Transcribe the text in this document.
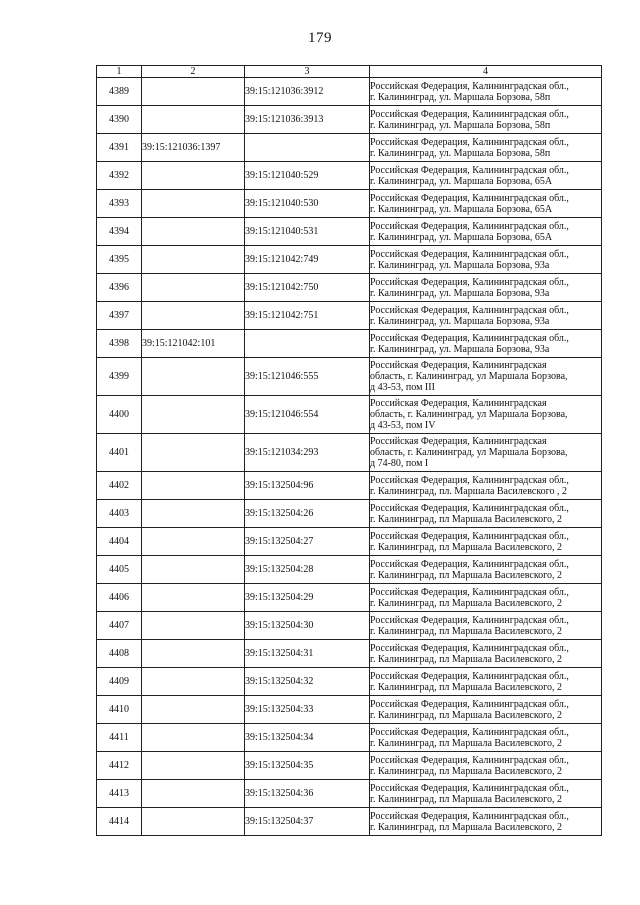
179
1	2	3	4
4389		39:15:121036:3912	Российская Федерация, Калининградская обл.,
г. Калининград, ул. Маршала Борзова, 58п

4390		39:15:121036:3913	Российская Федерация, Калининградская обл.,
г. Калининград, ул. Маршала Борзова, 58п

4391	39:15:121036:1397		Российская Федерация, Калининградская обл.,
г. Калининград, ул. Маршала Борзова, 58п

4392		39:15:121040:529	Российская Федерация, Калининградская обл.,
г. Калининград, ул. Маршала Борзова, 65А

4393		39:15:121040:530	Российская Федерация, Калининградская обл.,
г. Калининград, ул. Маршала Борзова, 65А

4394		39:15:121040:531	Российская Федерация, Калининградская обл.,
г. Калининград, ул. Маршала Борзова, 65А

4395		39:15:121042:749	Российская Федерация, Калининградская обл.,
г. Калининград, ул. Маршала Борзова, 93а

4396		39:15:121042:750	Российская Федерация, Калининградская обл.,
г. Калининград, ул. Маршала Борзова, 93а

4397		39:15:121042:751	Российская Федерация, Калининградская обл.,
г. Калининград, ул. Маршала Борзова, 93а

4398	39:15:121042:101		Российская Федерация, Калининградская обл.,
г. Калининград, ул. Маршала Борзова, 93а

4399		39:15:121046:555	Российская Федерация, Калининградская
область, г. Калининград, ул Маршала Борзова,
д 43-53, пом III

4400		39:15:121046:554	Российская Федерация, Калининградская
область, г. Калининград, ул Маршала Борзова,
д 43-53, пом IV

4401		39:15:121034:293	Российская Федерация, Калининградская
область, г. Калининград, ул Маршала Борзова,
д 74-80, пом I

4402		39:15:132504:96	Российская Федерация, Калининградская обл.,
г. Калининград, пл. Маршала Василевского , 2

4403		39:15:132504:26	Российская Федерация, Калининградская обл.,
г. Калининград, пл Маршала Василевского, 2

4404		39:15:132504:27	Российская Федерация, Калининградская обл.,
г. Калининград, пл Маршала Василевского, 2

4405		39:15:132504:28	Российская Федерация, Калининградская обл.,
г. Калининград, пл Маршала Василевского, 2

4406		39:15:132504:29	Российская Федерация, Калининградская обл.,
г. Калининград, пл Маршала Василевского, 2

4407		39:15:132504:30	Российская Федерация, Калининградская обл.,
г. Калининград, пл Маршала Василевского, 2

4408		39:15:132504:31	Российская Федерация, Калининградская обл.,
г. Калининград, пл Маршала Василевского, 2

4409		39:15:132504:32	Российская Федерация, Калининградская обл.,
г. Калининград, пл Маршала Василевского, 2

4410		39:15:132504:33	Российская Федерация, Калининградская обл.,
г. Калининград, пл Маршала Василевского, 2

4411		39:15:132504:34	Российская Федерация, Калининградская обл.,
г. Калининград, пл Маршала Василевского, 2

4412		39:15:132504:35	Российская Федерация, Калининградская обл.,
г. Калининград, пл Маршала Василевского, 2

4413		39:15:132504:36	Российская Федерация, Калининградская обл.,
г. Калининград, пл Маршала Василевского, 2

4414		39:15:132504:37	Российская Федерация, Калининградская обл.,
г. Калининград, пл Маршала Василевского, 2
